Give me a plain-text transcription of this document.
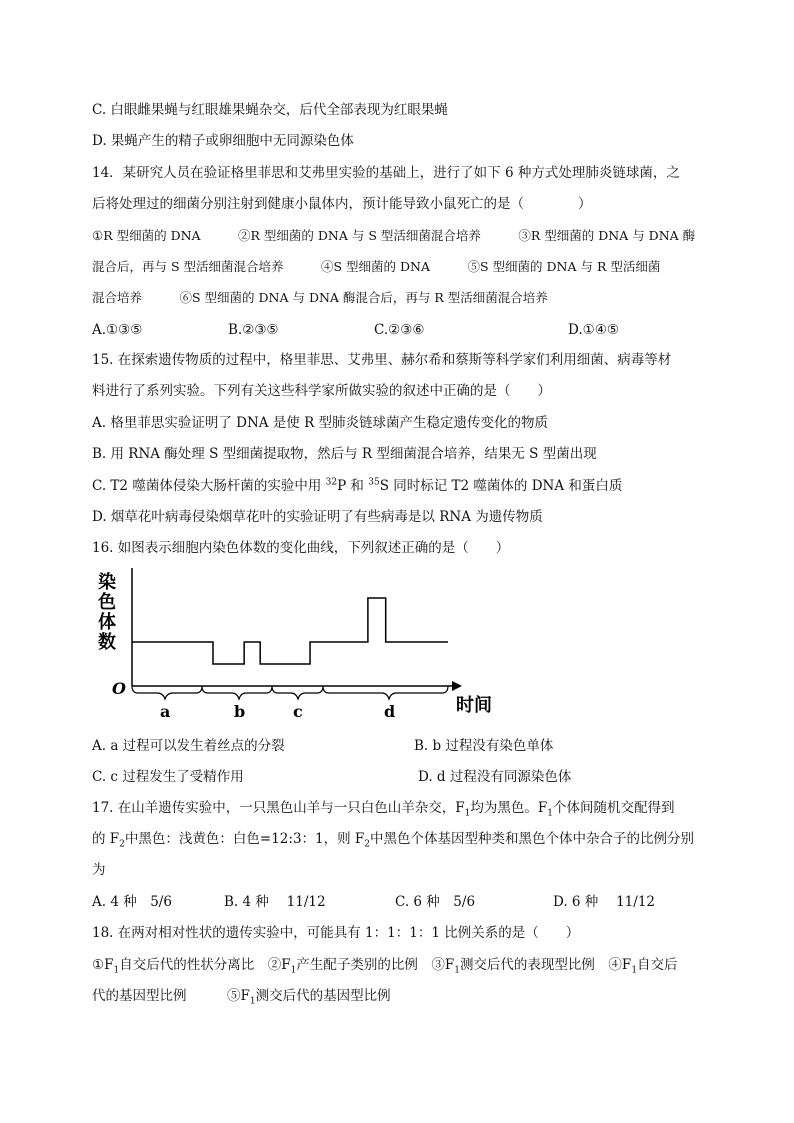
C. 白眼雌果蝇与红眼雄果蝇杂交，后代全部表现为红眼果蝇
D. 果蝇产生的精子或卵细胞中无同源染色体
14．某研究人员在验证格里菲思和艾弗里实验的基础上，进行了如下 6 种方式处理肺炎链球菌，之
后将处理过的细菌分别注射到健康小鼠体内，预计能导致小鼠死亡的是（　　　　）
①R 型细菌的 DNA　　　②R 型细菌的 DNA 与 S 型活细菌混合培养　　　③R 型细菌的 DNA 与 DNA 酶
混合后，再与 S 型活细菌混合培养　　　④S 型细菌的 DNA　　　⑤S 型细菌的 DNA 与 R 型活细菌
混合培养　　　⑥S 型细菌的 DNA 与 DNA 酶混合后，再与 R 型活细菌混合培养
A.①③⑤	B.②③⑤	C.②③⑥	D.①④⑤
15. 在探索遗传物质的过程中，格里菲思、艾弗里、赫尔希和蔡斯等科学家们利用细菌、病毒等材
料进行了系列实验。下列有关这些科学家所做实验的叙述中正确的是（　　）
A. 格里菲思实验证明了 DNA 是使 R 型肺炎链球菌产生稳定遗传变化的物质
B. 用 RNA 酶处理 S 型细菌提取物，然后与 R 型细菌混合培养，结果无 S 型菌出现
C. T2 噬菌体侵染大肠杆菌的实验中用 $^{32}$P 和 $^{35}$S 同时标记 T2 噬菌体的 DNA 和蛋白质
D. 烟草花叶病毒侵染烟草花叶的实验证明了有些病毒是以 RNA 为遗传物质
16. 如图表示细胞内染色体数的变化曲线，下列叙述正确的是（　　）
染
色
体
数
O
时间
a	b	c	d
A. a 过程可以发生着丝点的分裂	B. b 过程没有染色单体
C. c 过程发生了受精作用	D. d 过程没有同源染色体
17. 在山羊遗传实验中，一只黑色山羊与一只白色山羊杂交，$F_1$均为黑色。$F_1$个体间随机交配得到
的 $F_2$中黑色：浅黄色：白色=12:3：1，则 $F_2$中黑色个体基因型种类和黑色个体中杂合子的比例分别
为
A. 4 种　5/6	B. 4 种　 11/12	C. 6 种　5/6	D. 6 种　 11/12
18. 在两对相对性状的遗传实验中，可能具有 1：1：1：1 比例关系的是（　　）
$①F_1$自交后代的性状分离比　$②F_1$产生配子类别的比例　$③F_1$测交后代的表现型比例　$④F_1$自交后
代的基因型比例　　　$⑤F_1$测交后代的基因型比例
